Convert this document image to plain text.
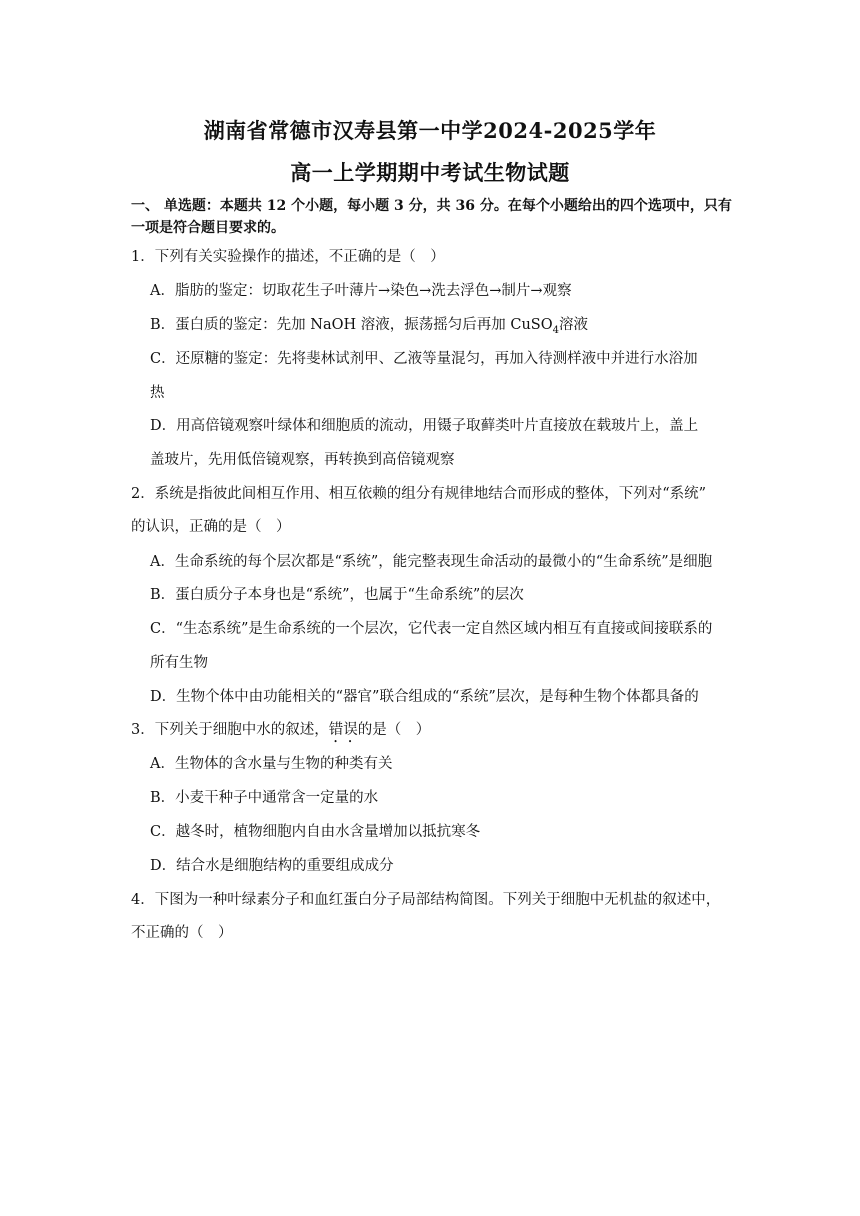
湖南省常德市汉寿县第一中学2024-2025学年
高一上学期期中考试生物试题
一、 单选题：本题共 12 个小题，每小题 3 分，共 36 分。在每个小题给出的四个选项中，只有一项是符合题目要求的。
1．下列有关实验操作的描述，不正确的是（　）
A．脂肪的鉴定：切取花生子叶薄片→染色→洗去浮色→制片→观察
B．蛋白质的鉴定：先加 NaOH 溶液，振荡摇匀后再加 CuSO$_4$溶液
C．还原糖的鉴定：先将斐林试剂甲、乙液等量混匀，再加入待测样液中并进行水浴加
热
D．用高倍镜观察叶绿体和细胞质的流动，用镊子取藓类叶片直接放在载玻片上，盖上
盖玻片，先用低倍镜观察，再转换到高倍镜观察
2．系统是指彼此间相互作用、相互依赖的组分有规律地结合而形成的整体，下列对“系统”
的认识，正确的是（　）
A．生命系统的每个层次都是“系统”，能完整表现生命活动的最微小的“生命系统”是细胞
B．蛋白质分子本身也是“系统”，也属于“生命系统”的层次
C．“生态系统”是生命系统的一个层次，它代表一定自然区域内相互有直接或间接联系的
所有生物
D．生物个体中由功能相关的“器官”联合组成的“系统”层次，是每种生物个体都具备的
3．下列关于细胞中水的叙述，错误的是（　）
A．生物体的含水量与生物的种类有关
B．小麦干种子中通常含一定量的水
C．越冬时，植物细胞内自由水含量增加以抵抗寒冬
D．结合水是细胞结构的重要组成成分
4．下图为一种叶绿素分子和血红蛋白分子局部结构简图。下列关于细胞中无机盐的叙述中，
不正确的（　）
